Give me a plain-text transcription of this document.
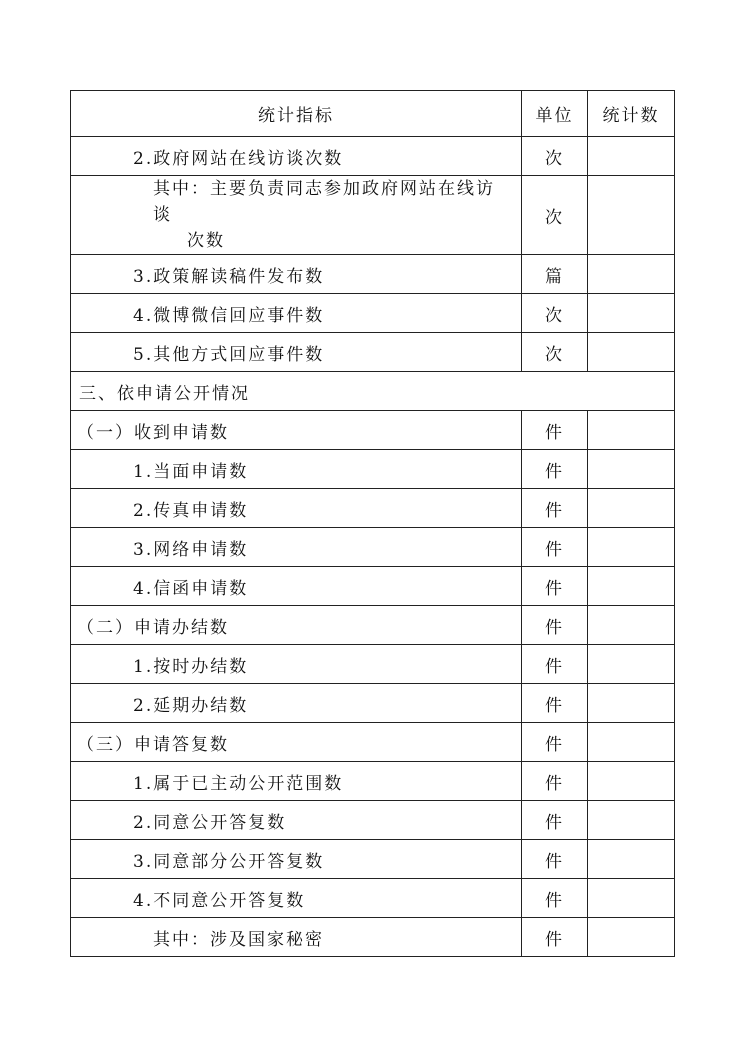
统计指标	单位	统计数
2.政府网站在线访谈次数	次	
其中：主要负责同志参加政府网站在线访谈
次数	次	
3.政策解读稿件发布数	篇	
4.微博微信回应事件数	次	
5.其他方式回应事件数	次	
三、依申请公开情况		
（一）收到申请数	件	
1.当面申请数	件	
2.传真申请数	件	
3.网络申请数	件	
4.信函申请数	件	
（二）申请办结数	件	
1.按时办结数	件	
2.延期办结数	件	
（三）申请答复数	件	
1.属于已主动公开范围数	件	
2.同意公开答复数	件	
3.同意部分公开答复数	件	
4.不同意公开答复数	件	
其中：涉及国家秘密	件	
